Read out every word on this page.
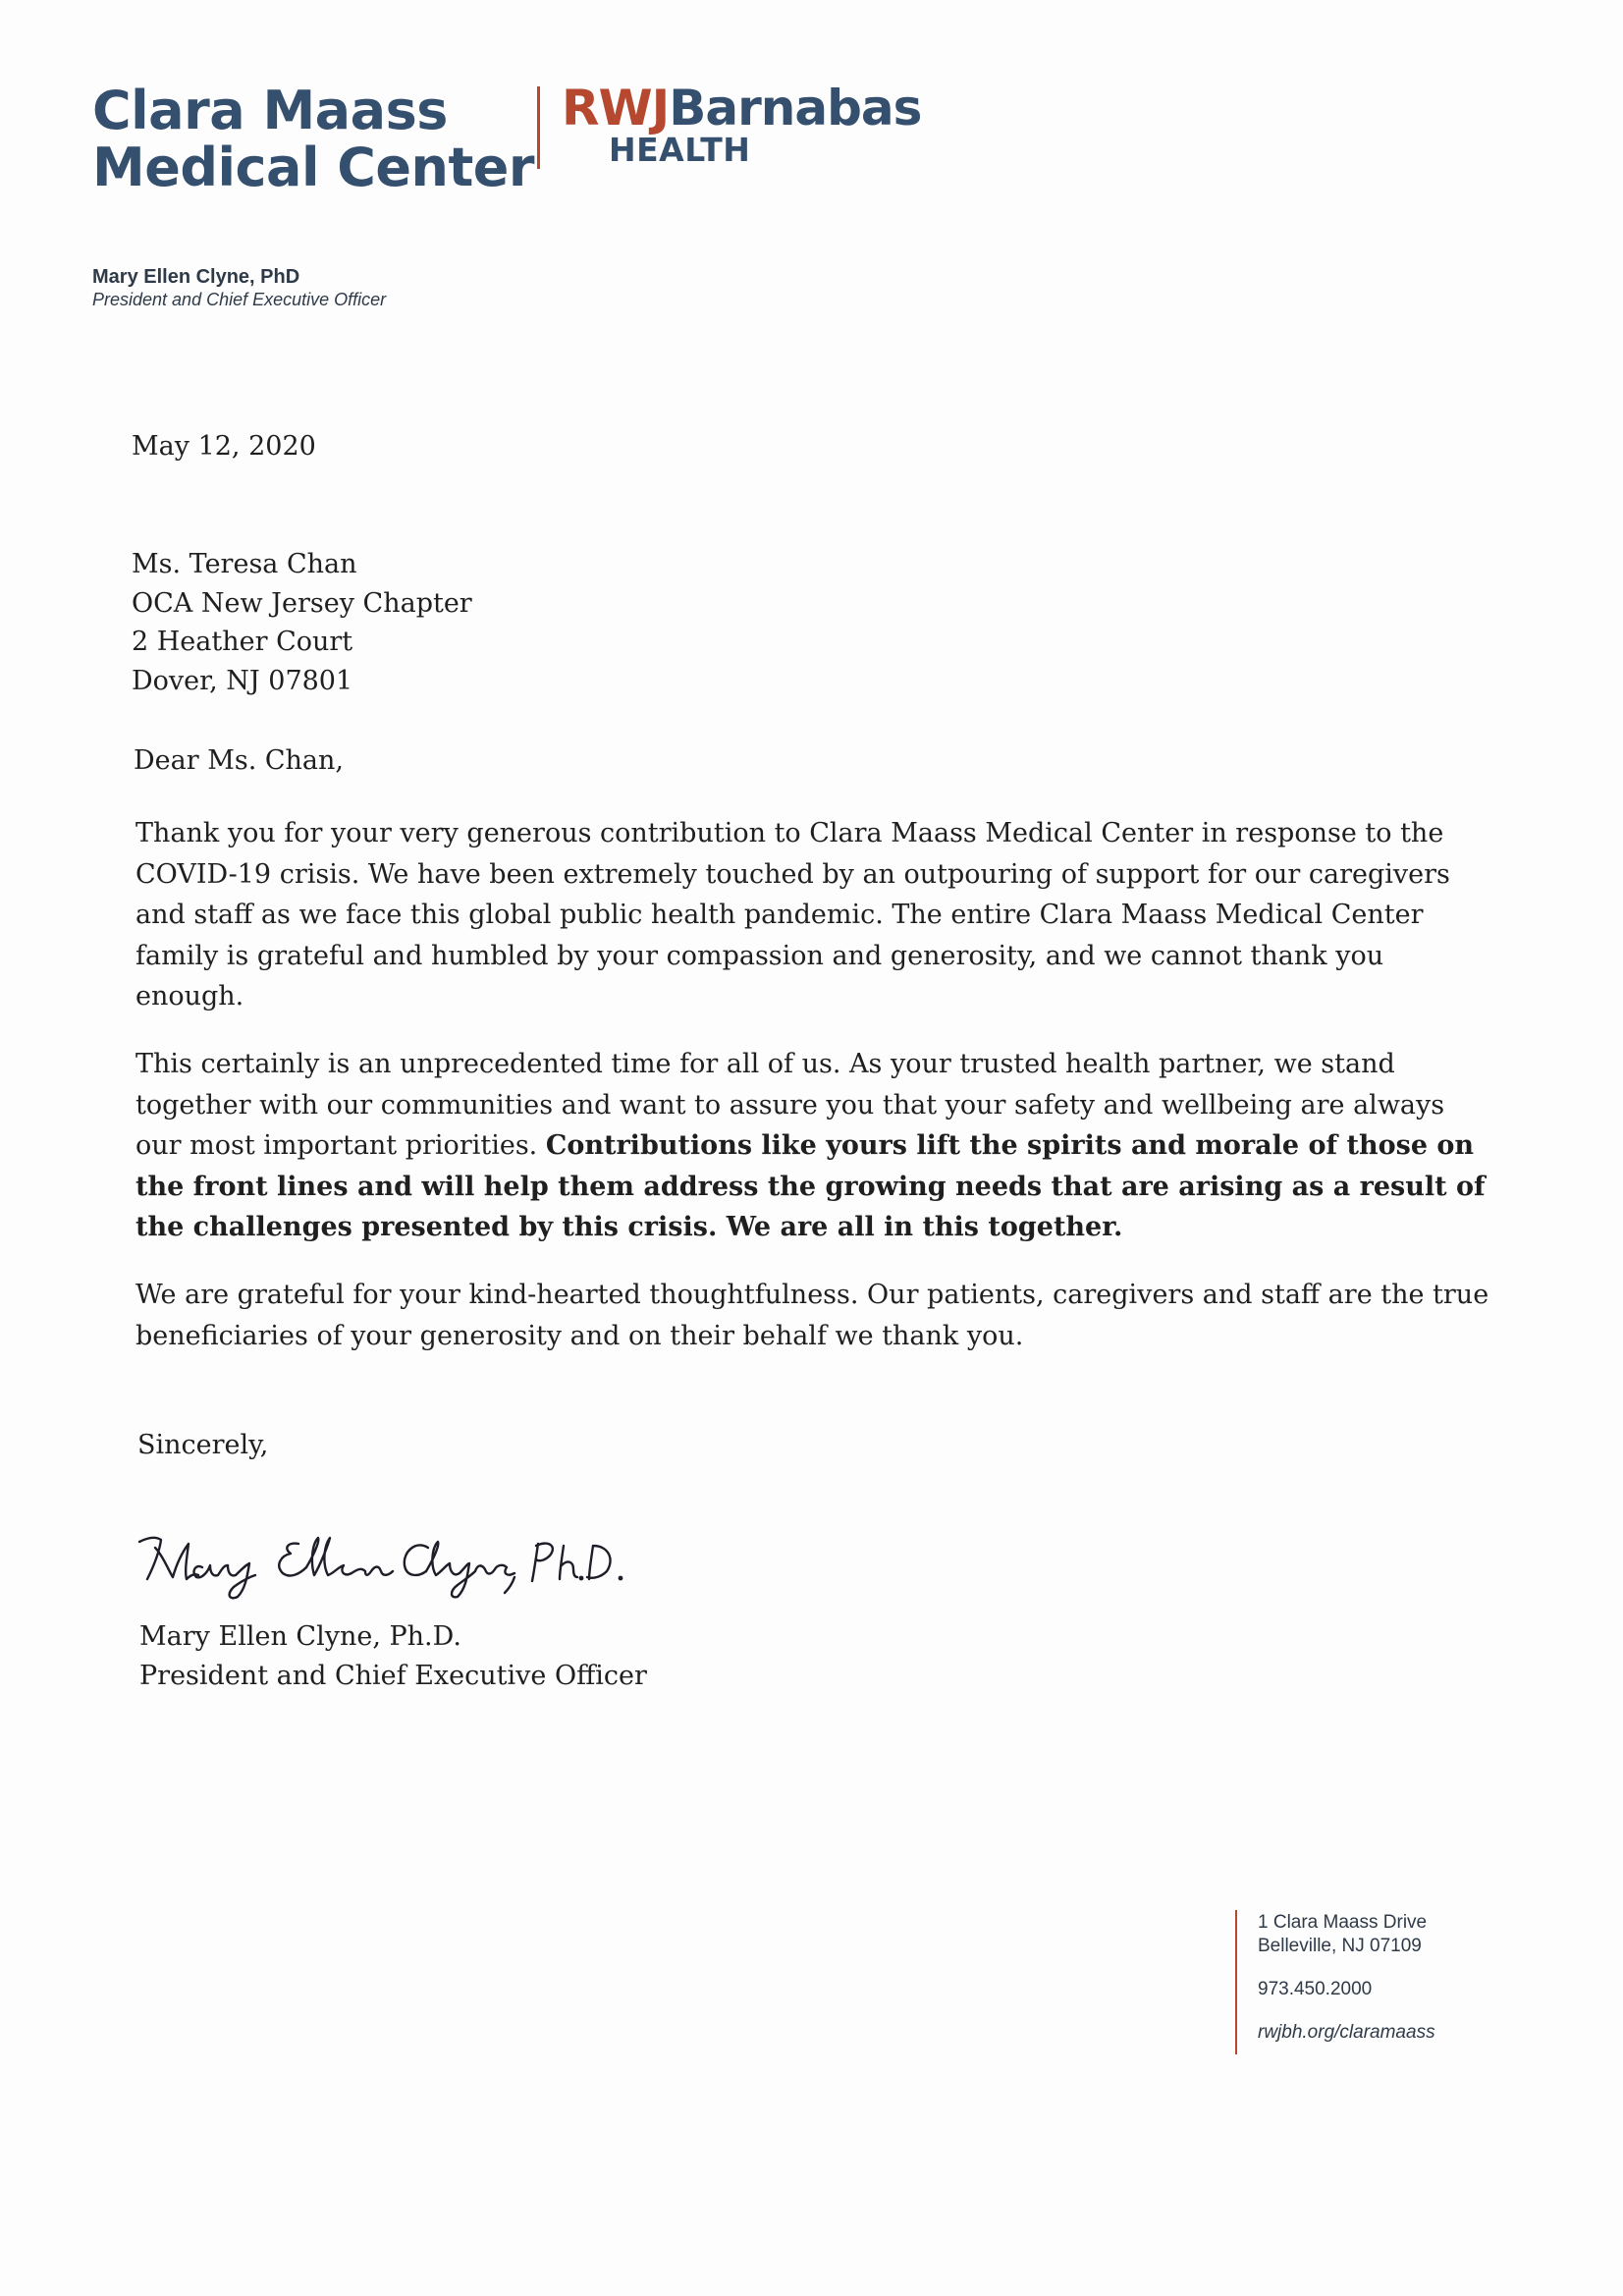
Clara Maass
Medical Center
RWJBarnabas
HEALTH
Mary Ellen Clyne, PhD
President and Chief Executive Officer
May 12, 2020
Ms. Teresa Chan
OCA New Jersey Chapter
2 Heather Court
Dover, NJ 07801
Dear Ms. Chan,
Thank you for your very generous contribution to Clara Maass Medical Center in response to the
COVID-19 crisis. We have been extremely touched by an outpouring of support for our caregivers
and staff as we face this global public health pandemic. The entire Clara Maass Medical Center
family is grateful and humbled by your compassion and generosity, and we cannot thank you
enough.
This certainly is an unprecedented time for all of us. As your trusted health partner, we stand
together with our communities and want to assure you that your safety and wellbeing are always
our most important priorities. Contributions like yours lift the spirits and morale of those on
the front lines and will help them address the growing needs that are arising as a result of
the challenges presented by this crisis. We are all in this together.
We are grateful for your kind-hearted thoughtfulness. Our patients, caregivers and staff are the true
beneficiaries of your generosity and on their behalf we thank you.
Sincerely,
Mary Ellen Clyne, Ph.D.
President and Chief Executive Officer
1 Clara Maass Drive
Belleville, NJ 07109
973.450.2000
rwjbh.org/claramaass
